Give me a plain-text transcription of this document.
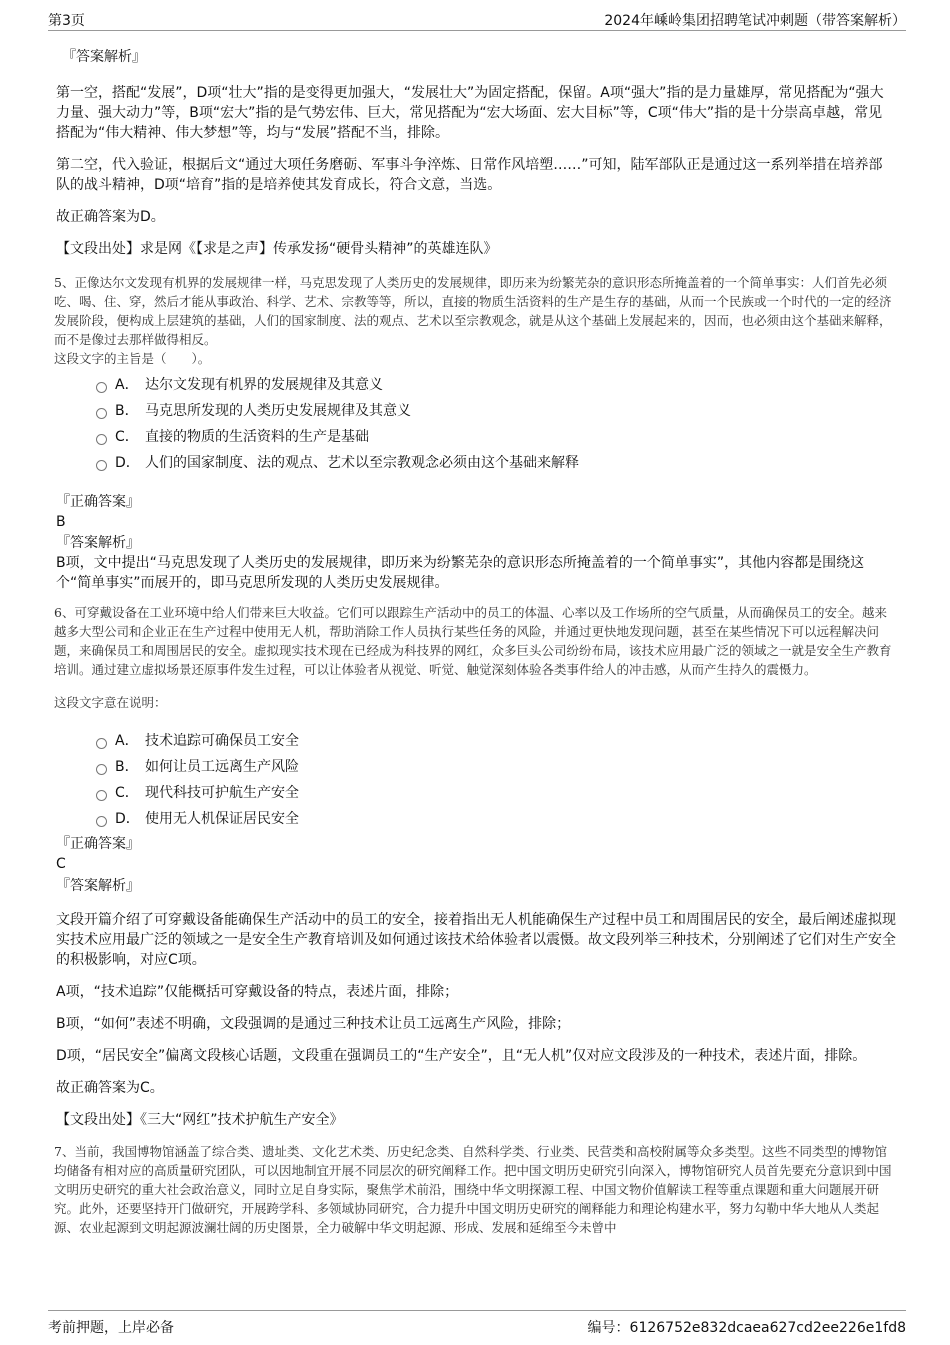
第3页	2024年嵊岭集团招聘笔试冲刺题（带答案解析）

『答案解析』

第一空，搭配“发展”，D项“壮大”指的是变得更加强大，“发展壮大”为固定搭配，保留。A项“强大”指的是力量雄厚，常见搭配为“强大力量、强大动力”等，B项“宏大”指的是气势宏伟、巨大，常见搭配为“宏大场面、宏大目标”等，C项“伟大”指的是十分崇高卓越，常见搭配为“伟大精神、伟大梦想”等，均与“发展”搭配不当，排除。

第二空，代入验证，根据后文“通过大项任务磨砺、军事斗争淬炼、日常作风培塑……”可知，陆军部队正是通过这一系列举措在培养部队的战斗精神，D项“培育”指的是培养使其发育成长，符合文意，当选。

故正确答案为D。

【文段出处】求是网《【求是之声】传承发扬“硬骨头精神”的英雄连队》

5、正像达尔文发现有机界的发展规律一样，马克思发现了人类历史的发展规律，即历来为纷繁芜杂的意识形态所掩盖着的一个简单事实：人们首先必须吃、喝、住、穿，然后才能从事政治、科学、艺术、宗教等等，所以，直接的物质生活资料的生产是生存的基础，从而一个民族或一个时代的一定的经济发展阶段，便构成上层建筑的基础，人们的国家制度、法的观点、艺术以至宗教观念，就是从这个基础上发展起来的，因而，也必须由这个基础来解释，而不是像过去那样做得相反。

这段文字的主旨是（　　）。

A． 达尔文发现有机界的发展规律及其意义
B． 马克思所发现的人类历史发展规律及其意义
C． 直接的物质的生活资料的生产是基础
D． 人们的国家制度、法的观点、艺术以至宗教观念必须由这个基础来解释

『正确答案』

B

『答案解析』

B项，文中提出“马克思发现了人类历史的发展规律，即历来为纷繁芜杂的意识形态所掩盖着的一个简单事实”，其他内容都是围绕这个“简单事实”而展开的，即马克思所发现的人类历史发展规律。

6、可穿戴设备在工业环境中给人们带来巨大收益。它们可以跟踪生产活动中的员工的体温、心率以及工作场所的空气质量，从而确保员工的安全。越来越多大型公司和企业正在生产过程中使用无人机，帮助消除工作人员执行某些任务的风险，并通过更快地发现问题，甚至在某些情况下可以远程解决问题，来确保员工和周围居民的安全。虚拟现实技术现在已经成为科技界的网红，众多巨头公司纷纷布局，该技术应用最广泛的领域之一就是安全生产教育培训。通过建立虚拟场景还原事件发生过程，可以让体验者从视觉、听觉、触觉深刻体验各类事件给人的冲击感，从而产生持久的震慑力。

这段文字意在说明：

A． 技术追踪可确保员工安全
B． 如何让员工远离生产风险
C． 现代科技可护航生产安全
D． 使用无人机保证居民安全

『正确答案』

C

『答案解析』

文段开篇介绍了可穿戴设备能确保生产活动中的员工的安全，接着指出无人机能确保生产过程中员工和周围居民的安全，最后阐述虚拟现实技术应用最广泛的领域之一是安全生产教育培训及如何通过该技术给体验者以震慑。故文段列举三种技术，分别阐述了它们对生产安全的积极影响，对应C项。

A项，“技术追踪”仅能概括可穿戴设备的特点，表述片面，排除；

B项，“如何”表述不明确，文段强调的是通过三种技术让员工远离生产风险，排除；

D项，“居民安全”偏离文段核心话题，文段重在强调员工的“生产安全”，且“无人机”仅对应文段涉及的一种技术，表述片面，排除。

故正确答案为C。

【文段出处】《三大“网红”技术护航生产安全》

7、当前，我国博物馆涵盖了综合类、遗址类、文化艺术类、历史纪念类、自然科学类、行业类、民营类和高校附属等众多类型。这些不同类型的博物馆均储备有相对应的高质量研究团队，可以因地制宜开展不同层次的研究阐释工作。把中国文明历史研究引向深入，博物馆研究人员首先要充分意识到中国文明历史研究的重大社会政治意义，同时立足自身实际，聚焦学术前沿，围绕中华文明探源工程、中国文物价值解读工程等重点课题和重大问题展开研究。此外，还要坚持开门做研究，开展跨学科、多领域协同研究，合力提升中国文明历史研究的阐释能力和理论构建水平，努力勾勒中华大地从人类起源、农业起源到文明起源波澜壮阔的历史图景，全力破解中华文明起源、形成、发展和延绵至今未曾中

考前押题，上岸必备	编号：6126752e832dcaea627cd2ee226e1fd8
